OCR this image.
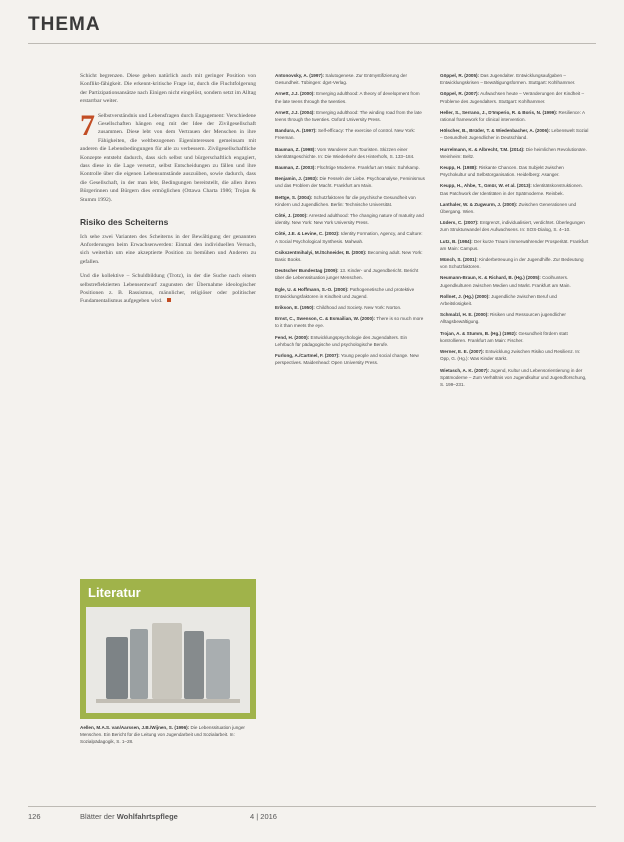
THEMA

Schicht begrenzen. Diese gehen natürlich auch mit geringer Position von Konflikt-fähigkeit. Die erkennt-kritische Frage ist, durch die Fluchtfolgerung der Partizipationsansätze nach Einigen nicht eingelöst, sondern setzt im Alltag erstarrbar weiter.

7 Selbstverständnis und Lebensfragen durch Engagement: Verschiedene Gesellschaften hängen eng mit der Idee der Zivilgesellschaft zusammen. Diese lebt von dem Vertrauen der Menschen in ihre Fähigkeiten, die weltbezogenen Eigeninteressen gemeinsam mit anderen die Lebensbedingungen für alle zu verbessern. Zivilgesellschaftliche Konzepte entsteht dadurch, dass sich selbst und bürgerschaftlich engagiert, dass diese in die Lage versetzt, selbst Entscheidungen zu fällen und ihre Kontrolle über die eigenen Lebensumstände auszuüben, sowie dadurch, dass die Gesellschaft, in der man lebt, Bedingungen bereitstellt, die allen ihren Bürgerinnen und Bürgern dies ermöglichen (Ottawa Charta 1986; Trojan & Stumm 1992).

Risiko des Scheiterns

Ich sehe zwei Varianten des Scheiterns in der Bewältigung der genannten Anforderungen beim Erwachsenwerden: Einmal den individuellen Versuch, sich weiterhin um eine akzeptierte Position zu bemühen und Anderen zu gefallen.

Und die kollektive – Schuldbildung (Trotz), in der die Suche nach einem selbstreflektierten Lebensentwurf zugunsten der Übernahme ideologischer Positionen z. B. Rassismus, männlicher, religiöser oder politischer Fundamentalismus aufgegeben wird.

Antonovsky, A. (1997): Salutogenese. Zur Entmystifizierung der Gesundheit. Tübingen: dgvt-Verlag.
Arnett, J.J. (2000): Emerging adulthood: A theory of development from the late teens through the twenties.
Arnett, J.J. (2004): Emerging adulthood: The winding road from the late teens through the twenties. Oxford University Press.
Bandura, A. (1997): Self-efficacy: The exercise of control. New York: Freeman.
Bauman, Z. (1998): Vom Wanderer zum Touristen. Skizzen einer Identitätsgeschichte. In: Die Wiederkehr des Hinterhofs, S. 133–184.
Bauman, Z. (2003): Flüchtige Moderne. Frankfurt am Main: Suhrkamp.
Benjamin, J. (1993): Die Fesseln der Liebe. Psychoanalyse, Feminismus und das Problem der Macht. Frankfurt am Main.
Bettge, S. (2004): Schutzfaktoren für die psychische Gesundheit von Kindern und Jugendlichen. Berlin: Technische Universität.
Côté, J. (2000): Arrested adulthood: The changing nature of maturity and identity. New York: New York University Press.
Côté, J.E. & Levine, C. (2002): Identity Formation, Agency, and Culture: A Social Psychological Synthesis. Mahwah.
Csikszentmihalyi, M./Schneider, B. (2000): Becoming adult. New York: Basic Books.
Deutscher Bundestag (2009): 13. Kinder- und Jugendbericht. Bericht über die Lebenssituation junger Menschen.
Egle, U. & Hoffmann, S.-O. (2000): Pathogenetische und protektive Entwicklungsfaktoren in Kindheit und Jugend.
Erikson, E. (1950): Childhood and Society. New York: Norton.
Ernst, C., Swenson, C. & Esmailian, W. (2000): There is so much more to it than meets the eye.
Fend, H. (2000): Entwicklungspsychologie des Jugendalters. Ein Lehrbuch für pädagogische und psychologische Berufe.
Furlong, A./Cartmel, F. (2007): Young people and social change. New perspectives. Maidenhead: Open University Press.
Göppel, R. (2005): Das Jugendalter. Entwicklungsaufgaben – Entwicklungskrisen – Bewältigungsformen. Stuttgart: Kohlhammer.
Göppel, R. (2007): Aufwachsen heute – Veränderungen der Kindheit – Probleme des Jugendalters. Stuttgart: Kohlhammer.
Heller, S., Serrano, J., D'Imperio, R. & Boris, N. (1999): Resilience: A rational framework for clinical intervention.
Hölscher, B., Brüder, T. & Wiedenbacher, A. (2006): Lebenswelt Sozial – Gesundheit Jugendlicher in Deutschland.
Hurrelmann, K. & Albrecht, T.M. (2014): Die heimlichen Revolutionäre. Weinheim: Beltz.
Keupp, H. (1988): Riskante Chancen. Das Subjekt zwischen Psychokultur und Selbstorganisation. Heidelberg: Asanger.
Keupp, H., Ahbe, T., Gmür, W. et al. (2013): Identitätskonstruktionen. Das Patchwork der Identitäten in der Spätmoderne. Reinbek.
Lanthaler, W. & Zugwurm, J. (2000): Zwischen Generationen und Übergang. Wien.
Lüders, C. (2007): Entgrenzt, individualisiert, verdichtet. Überlegungen zum Strukturwandel des Aufwachsens. In: SOS-Dialog, S. 4–10.
Lutz, B. (1984): Der kurze Traum immerwährender Prosperität. Frankfurt am Main: Campus.
Münch, S. (2001): Kinderbetreuung in der Jugendhilfe. Zur Bedeutung von Schutzfaktoren.
Neumann-Braun, K. & Richard, B. (Hg.) (2005): Coolhunters. Jugendkulturen zwischen Medien und Markt. Frankfurt am Main.
Rollnet, J. (Hg.) (2000): Jugendliche zwischen Beruf und Arbeitslosigkeit.
Schmalzl, H. E. (2000): Risiken und Ressourcen jugendlicher Alltagsbewältigung.
Trojan, A. & Stumm, B. (Hg.) (1992): Gesundheit fördern statt kontrollieren. Frankfurt am Main: Fischer.
Werner, E. E. (2007): Entwicklung zwischen Risiko und Resilienz. In: Opp, G. (Hg.): Was Kinder stärkt.
Wietasch, A. K. (2007): Jugend, Kultur und Lebensorientierung in der Spätmoderne – Zum Verhältnis von Jugendkultur und Jugendforschung, S. 199–231.
Literatur
Aellen, M.A.S. van/Aarssen, J.B./Wijnen, S. (1996): Die Lebenssituation junger Menschen. Ein Bericht für die Leitung von Jugendarbeit und Sozialarbeit. In: Sozialpädagogik, S. 1–28.
126	Blätter der Wohlfahrtspflege	4 | 2016
